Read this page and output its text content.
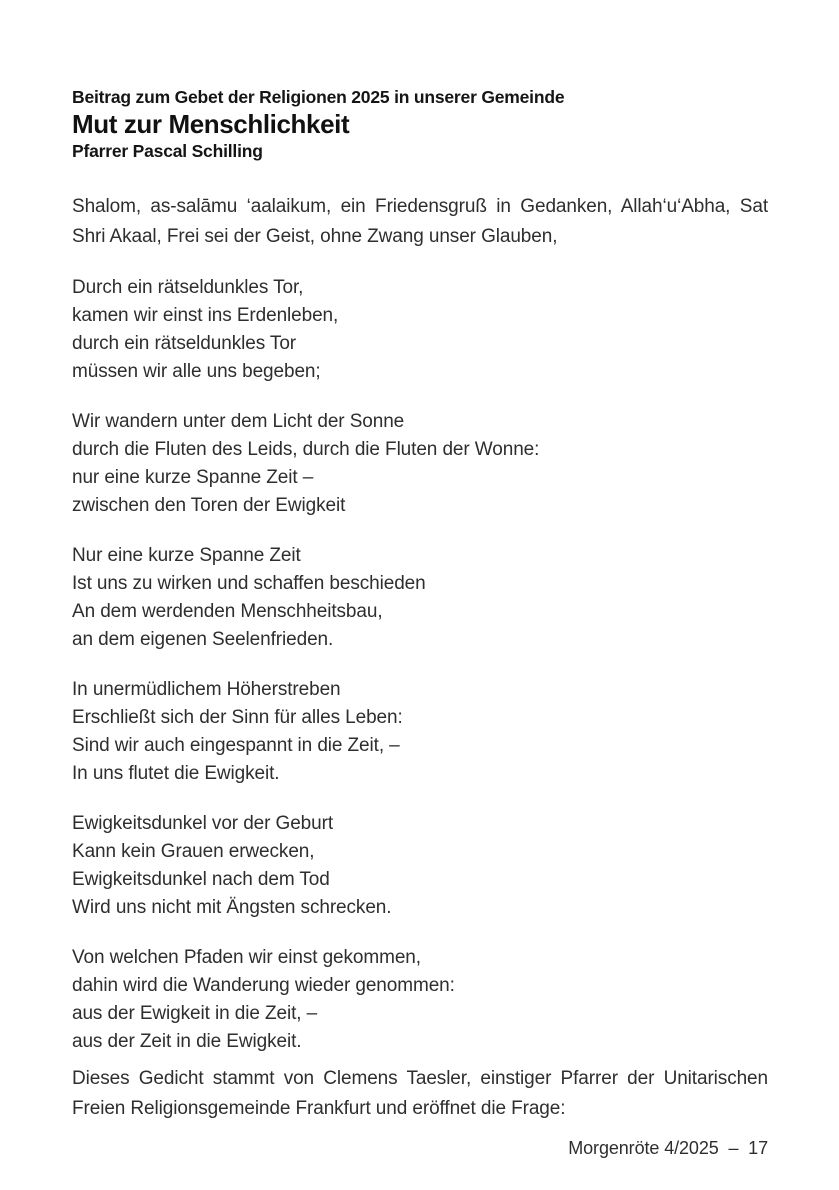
Beitrag zum Gebet der Religionen 2025 in unserer Gemeinde
Mut zur Menschlichkeit
Pfarrer Pascal Schilling
Shalom, as-salāmu ‘aalaikum, ein Friedensgruß in Gedanken, Allah‘u‘Abha, Sat
Shri Akaal, Frei sei der Geist, ohne Zwang unser Glauben,
Durch ein rätseldunkles Tor,
kamen wir einst ins Erdenleben,
durch ein rätseldunkles Tor
müssen wir alle uns begeben;
Wir wandern unter dem Licht der Sonne
durch die Fluten des Leids, durch die Fluten der Wonne:
nur eine kurze Spanne Zeit –
zwischen den Toren der Ewigkeit
Nur eine kurze Spanne Zeit
Ist uns zu wirken und schaffen beschieden
An dem werdenden Menschheitsbau,
an dem eigenen Seelenfrieden.
In unermüdlichem Höherstreben
Erschließt sich der Sinn für alles Leben:
Sind wir auch eingespannt in die Zeit, –
In uns flutet die Ewigkeit.
Ewigkeitsdunkel vor der Geburt
Kann kein Grauen erwecken,
Ewigkeitsdunkel nach dem Tod
Wird uns nicht mit Ängsten schrecken.
Von welchen Pfaden wir einst gekommen,
dahin wird die Wanderung wieder genommen:
aus der Ewigkeit in die Zeit, –
aus der Zeit in die Ewigkeit.
Dieses Gedicht stammt von Clemens Taesler, einstiger Pfarrer der Unitarischen
Freien Religionsgemeinde Frankfurt und eröffnet die Frage:
Morgenröte 4/2025  –  17
